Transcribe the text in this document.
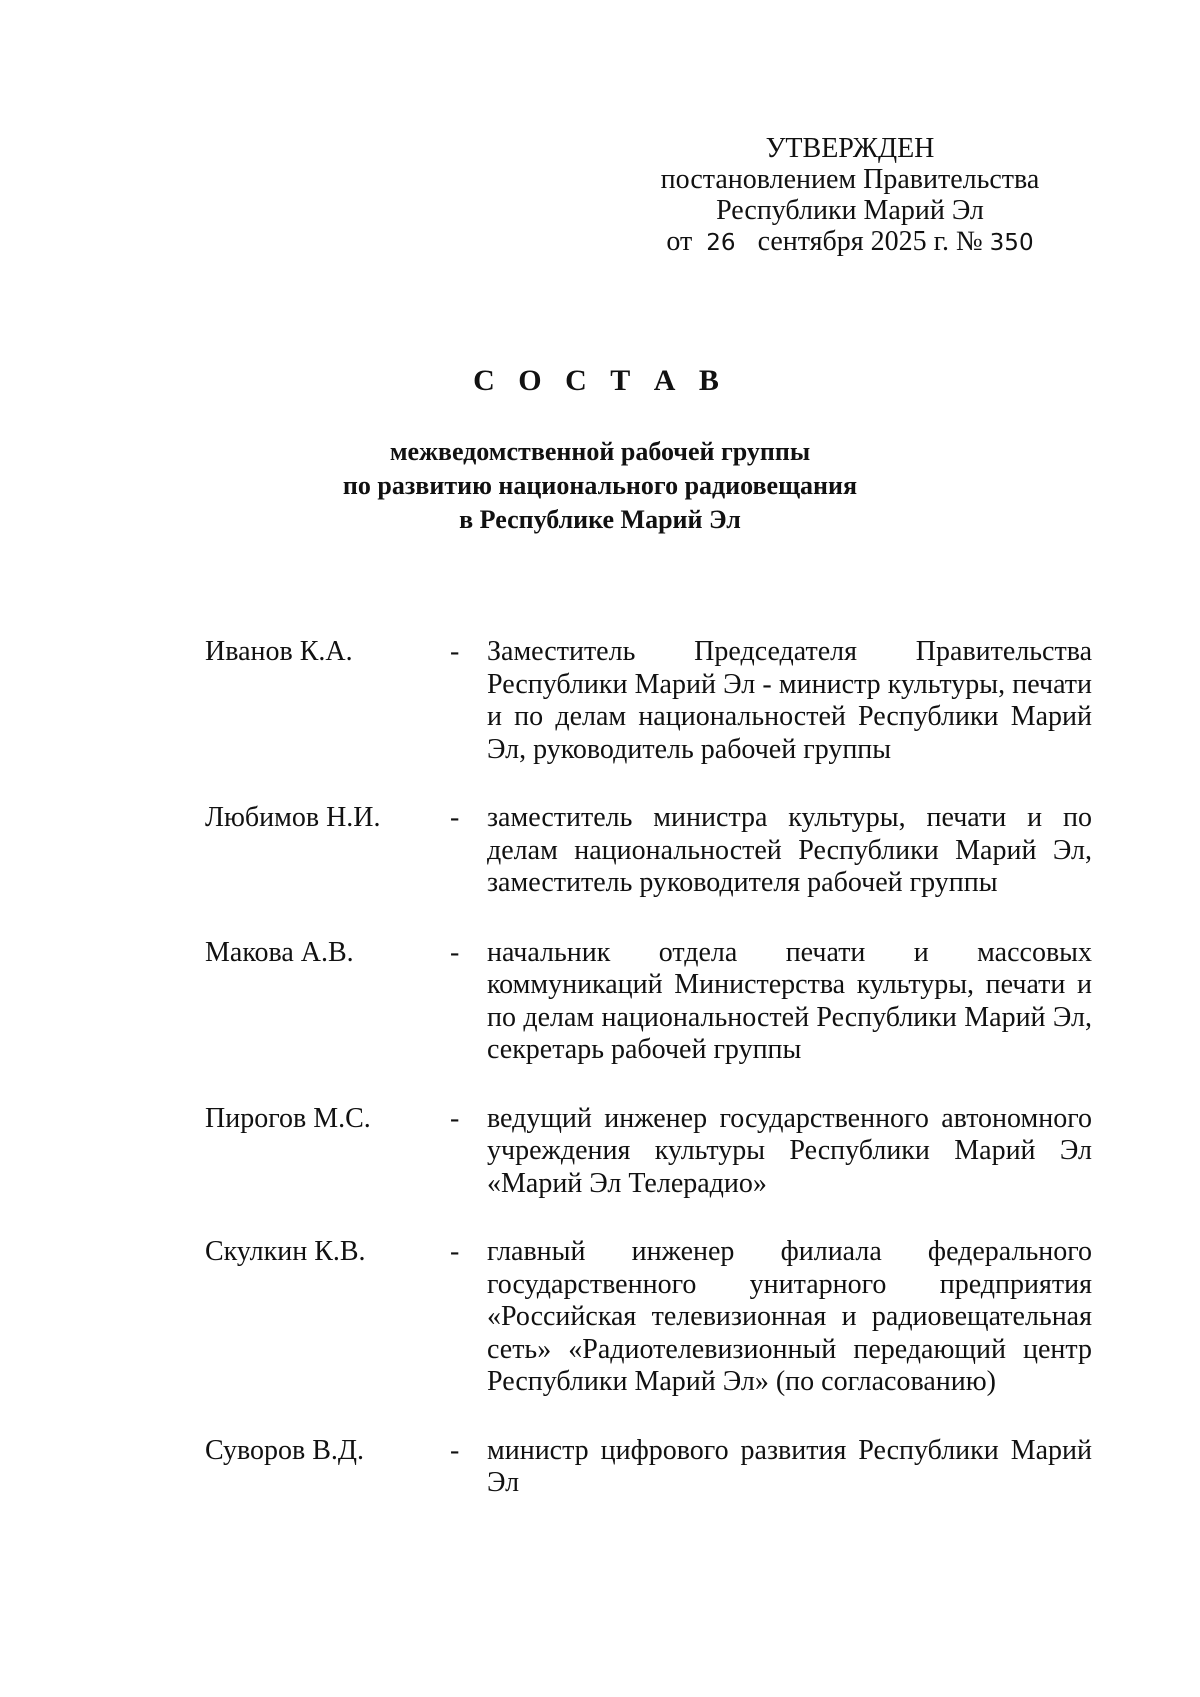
УТВЕРЖДЕН
постановлением Правительства
Республики Марий Эл
от 26 сентября 2025 г. № 350
С О С Т А В
межведомственной рабочей группы
по развитию национального радиовещания
в Республике Марий Эл
Иванов К.А.	- Заместитель Председателя Правительства Республики Марий Эл - министр культуры, печати и по делам национальностей Республики Марий Эл, руководитель рабочей группы
Любимов Н.И.	- заместитель министра культуры, печати и по делам национальностей Республики Марий Эл, заместитель руководителя рабочей группы
Макова А.В.	- начальник отдела печати и массовых коммуникаций Министерства культуры, печати и по делам национальностей Республики Марий Эл, секретарь рабочей группы
Пирогов М.С.	- ведущий инженер государственного автономного учреждения культуры Республики Марий Эл «Марий Эл Телерадио»
Скулкин К.В.	- главный инженер филиала федерального государственного унитарного предприятия «Российская телевизионная и радиовещательная сеть» «Радиотелевизионный передающий центр Республики Марий Эл» (по согласованию)
Суворов В.Д.	- министр цифрового развития Республики Марий Эл
